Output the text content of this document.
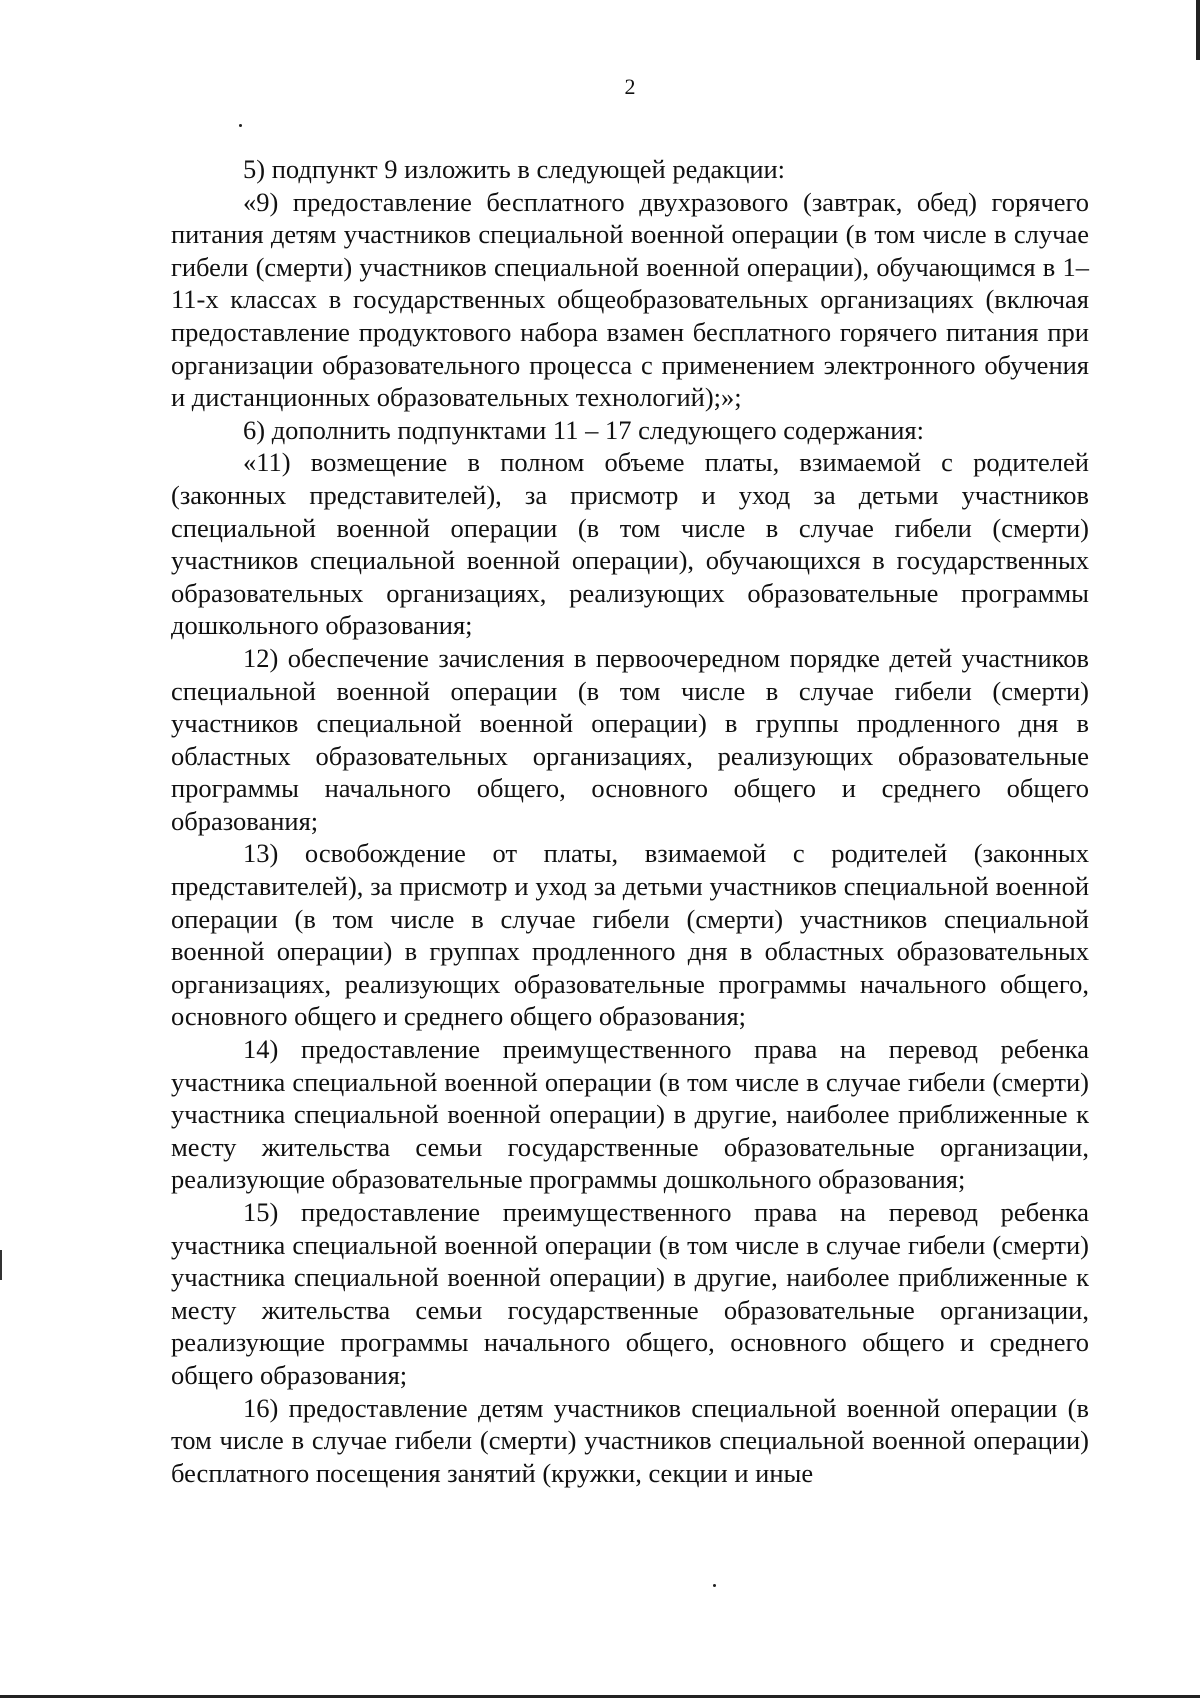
2

5) подпункт 9 изложить в следующей редакции:

«9) предоставление бесплатного двухразового (завтрак, обед) горячего питания детям участников специальной военной операции (в том числе в случае гибели (смерти) участников специальной военной операции), обучающимся в 1–11-х классах в государственных общеобразовательных организациях (включая предоставление продуктового набора взамен бесплатного горячего питания при организации образовательного процесса с применением электронного обучения и дистанционных образовательных технологий);»;

6) дополнить подпунктами 11 – 17 следующего содержания:

«11) возмещение в полном объеме платы, взимаемой с родителей (законных представителей), за присмотр и уход за детьми участников специальной военной операции (в том числе в случае гибели (смерти) участников специальной военной операции), обучающихся в государственных образовательных организациях, реализующих образовательные программы дошкольного образования;

12) обеспечение зачисления в первоочередном порядке детей участников специальной военной операции (в том числе в случае гибели (смерти) участников специальной военной операции) в группы продленного дня в областных образовательных организациях, реализующих образовательные программы начального общего, основного общего и среднего общего образования;

13) освобождение от платы, взимаемой с родителей (законных представителей), за присмотр и уход за детьми участников специальной военной операции (в том числе в случае гибели (смерти) участников специальной военной операции) в группах продленного дня в областных образовательных организациях, реализующих образовательные программы начального общего, основного общего и среднего общего образования;

14) предоставление преимущественного права на перевод ребенка участника специальной военной операции (в том числе в случае гибели (смерти) участника специальной военной операции) в другие, наиболее приближенные к месту жительства семьи государственные образовательные организации, реализующие образовательные программы дошкольного образования;

15) предоставление преимущественного права на перевод ребенка участника специальной военной операции (в том числе в случае гибели (смерти) участника специальной военной операции) в другие, наиболее приближенные к месту жительства семьи государственные образовательные организации, реализующие программы начального общего, основного общего и среднего общего образования;

16) предоставление детям участников специальной военной операции (в том числе в случае гибели (смерти) участников специальной военной операции) бесплатного посещения занятий (кружки, секции и иные
